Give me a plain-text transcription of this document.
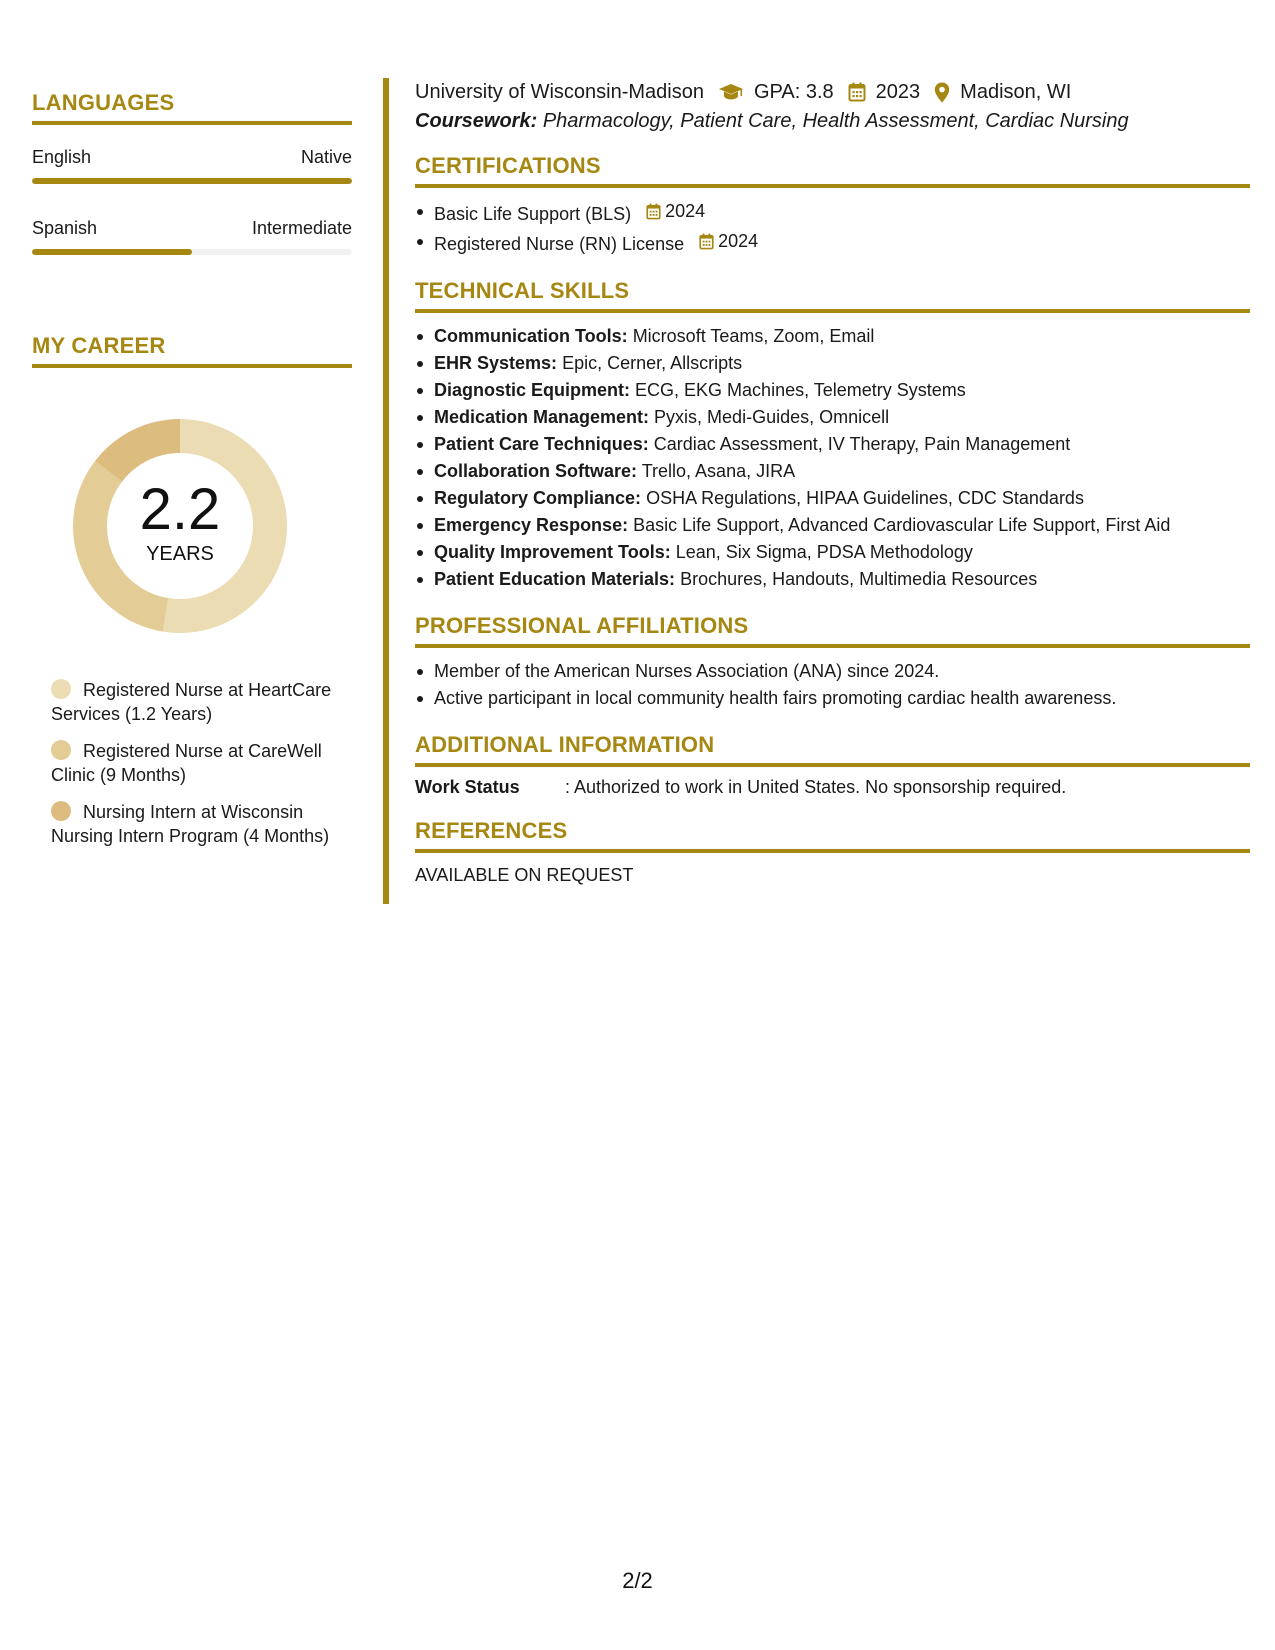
LANGUAGES
English	Native
Spanish	Intermediate
MY CAREER
2.2
YEARS
Registered Nurse at HeartCare Services (1.2 Years)
Registered Nurse at CareWell Clinic (9 Months)
Nursing Intern at Wisconsin Nursing Intern Program (4 Months)
University of Wisconsin-Madison	GPA: 3.8 2023 Madison, WI
Coursework: Pharmacology, Patient Care, Health Assessment, Cardiac Nursing
CERTIFICATIONS
Basic Life Support (BLS) 2024
Registered Nurse (RN) License 2024
TECHNICAL SKILLS
Communication Tools: Microsoft Teams, Zoom, Email
EHR Systems: Epic, Cerner, Allscripts
Diagnostic Equipment: ECG, EKG Machines, Telemetry Systems
Medication Management: Pyxis, Medi-Guides, Omnicell
Patient Care Techniques: Cardiac Assessment, IV Therapy, Pain Management
Collaboration Software: Trello, Asana, JIRA
Regulatory Compliance: OSHA Regulations, HIPAA Guidelines, CDC Standards
Emergency Response: Basic Life Support, Advanced Cardiovascular Life Support, First Aid
Quality Improvement Tools: Lean, Six Sigma, PDSA Methodology
Patient Education Materials: Brochures, Handouts, Multimedia Resources
PROFESSIONAL AFFILIATIONS
Member of the American Nurses Association (ANA) since 2024.
Active participant in local community health fairs promoting cardiac health awareness.
ADDITIONAL INFORMATION
Work Status	: Authorized to work in United States. No sponsorship required.
REFERENCES
AVAILABLE ON REQUEST
2/2
